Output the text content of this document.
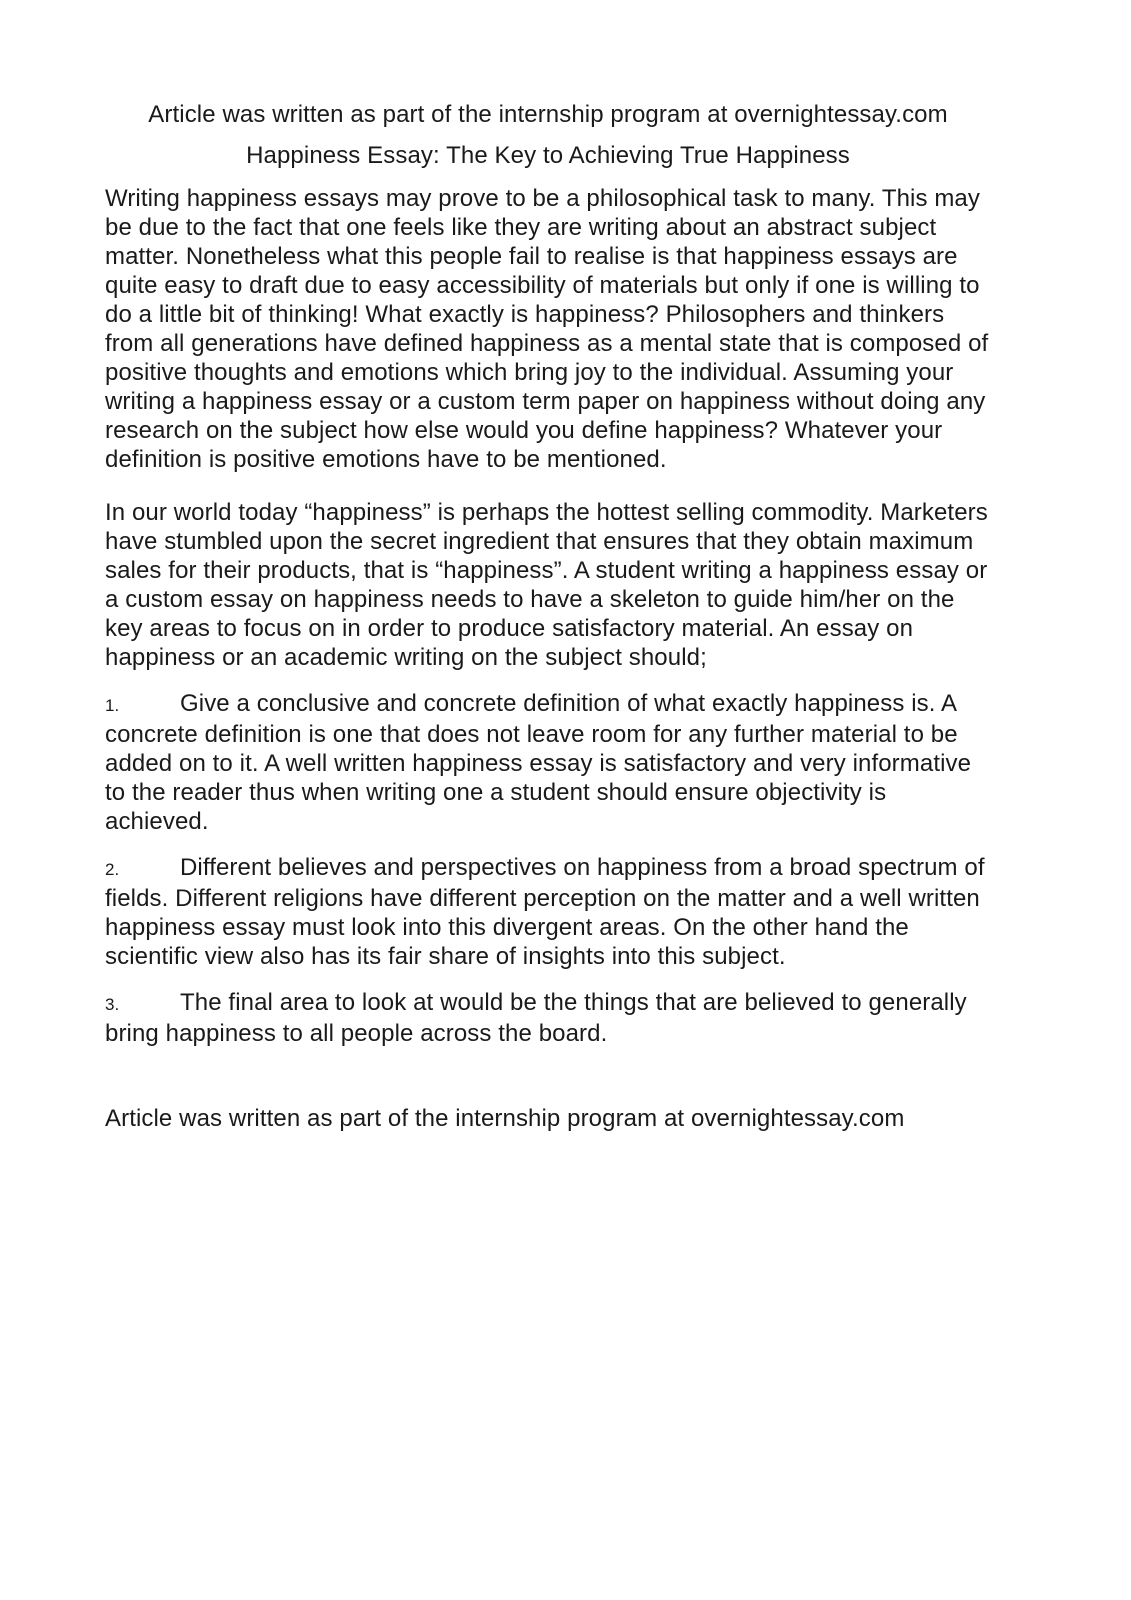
Article was written as part of the internship program at overnightessay.com

Happiness Essay: The Key to Achieving True Happiness

Writing happiness essays may prove to be a philosophical task to many. This may be due to the fact that one feels like they are writing about an abstract subject matter. Nonetheless what this people fail to realise is that happiness essays are quite easy to draft due to easy accessibility of materials but only if one is willing to do a little bit of thinking! What exactly is happiness? Philosophers and thinkers from all generations have defined happiness as a mental state that is composed of positive thoughts and emotions which bring joy to the individual. Assuming your writing a happiness essay or a custom term paper on happiness without doing any research on the subject how else would you define happiness? Whatever your definition is positive emotions have to be mentioned.

In our world today “happiness” is perhaps the hottest selling commodity. Marketers have stumbled upon the secret ingredient that ensures that they obtain maximum sales for their products, that is “happiness”. A student writing a happiness essay or a custom essay on happiness needs to have a skeleton to guide him/her on the key areas to focus on in order to produce satisfactory material. An essay on happiness or an academic writing on the subject should;

1.	Give a conclusive and concrete definition of what exactly happiness is. A concrete definition is one that does not leave room for any further material to be added on to it. A well written happiness essay is satisfactory and very informative to the reader thus when writing one a student should ensure objectivity is achieved.

2.	Different believes and perspectives on happiness from a broad spectrum of fields. Different religions have different perception on the matter and a well written happiness essay must look into this divergent areas. On the other hand the scientific view also has its fair share of insights into this subject.

3.	The final area to look at would be the things that are believed to generally bring happiness to all people across the board.

Article was written as part of the internship program at overnightessay.com
